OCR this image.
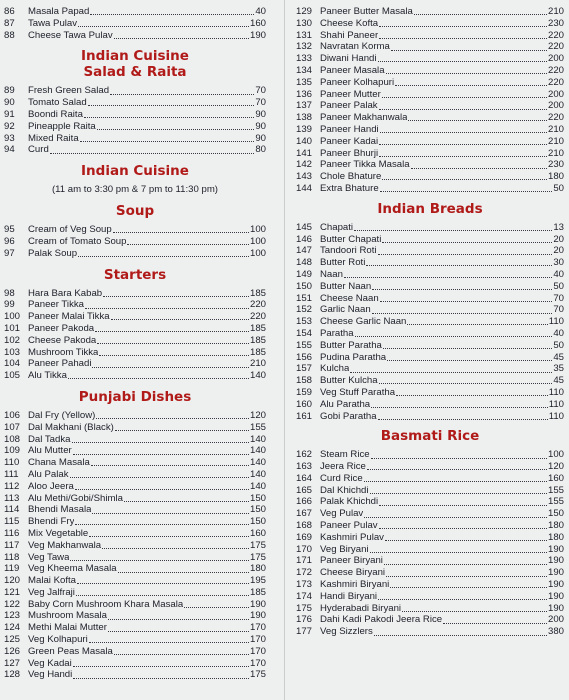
86	Masala Papad	40
87	Tawa Pulav	160
88	Cheese Tawa Pulav	190
Indian Cuisine
Salad & Raita
89	Fresh Green Salad	70
90	Tomato Salad	70
91	Boondi Raita	90
92	Pineapple Raita	90
93	Mixed Raita	90
94	Curd	80
Indian Cuisine
(11 am to 3:30 pm & 7 pm to 11:30 pm)
Soup
95	Cream of Veg Soup	100
96	Cream of Tomato Soup	100
97	Palak Soup	100
Starters
98	Hara Bara Kabab	185
99	Paneer Tikka	220
100 Paneer Malai Tikka	220
101 Paneer Pakoda	185
102 Cheese Pakoda	185
103 Mushroom Tikka	185
104 Paneer Pahadi	210
105 Alu Tikka	140
Punjabi Dishes
106 Dal Fry (Yellow)	120
107 Dal Makhani (Black)	155
108 Dal Tadka	140
109 Alu Mutter	140
110 Chana Masala	140
111 Alu Palak	140
112 Aloo Jeera	140
113 Alu Methi/Gobi/Shimla	150
114 Bhendi Masala	150
115 Bhendi Fry	150
116 Mix Vegetable	160
117 Veg Makhanwala	175
118 Veg Tawa	175
119 Veg Kheema Masala	180
120 Malai Kofta	195
121 Veg Jalfraji	185
122 Baby Corn Mushroom Khara Masala	190
123 Mushroom Masala	190
124 Methi Malai Mutter	170
125 Veg Kolhapuri	170
126 Green Peas Masala	170
127 Veg Kadai	170
128 Veg Handi	175
129 Paneer Butter Masala	210
130 Cheese Kofta	230
131 Shahi Paneer	220
132 Navratan Korma	220
133 Diwani Handi	200
134 Paneer Masala	220
135 Paneer Kolhapuri	220
136 Paneer Mutter	200
137 Paneer Palak	200
138 Paneer Makhanwala	220
139 Paneer Handi	210
140 Paneer Kadai	210
141 Paneer Bhurji	210
142 Paneer Tikka Masala	230
143 Chole Bhature	180
144 Extra Bhature	50
Indian Breads
145 Chapati	13
146 Butter Chapati	20
147 Tandoori Roti	20
148 Butter Roti	30
149 Naan	40
150 Butter Naan	50
151 Cheese Naan	70
152 Garlic Naan	70
153 Cheese Garlic Naan	110
154 Paratha	40
155 Butter Paratha	50
156 Pudina Paratha	45
157 Kulcha	35
158 Butter Kulcha	45
159 Veg Stuff Paratha	110
160 Alu Paratha	110
161 Gobi Paratha	110
Basmati Rice
162 Steam Rice	100
163 Jeera Rice	120
164 Curd Rice	160
165 Dal Khichdi	155
166 Palak Khichdi	155
167 Veg Pulav	150
168 Paneer Pulav	180
169 Kashmiri Pulav	180
170 Veg Biryani	190
171 Paneer Biryani	190
172 Cheese Biryani	190
173 Kashmiri Biryani	190
174 Handi Biryani	190
175 Hyderabadi Biryani	190
176 Dahi Kadi Pakodi Jeera Rice	200
177 Veg Sizzlers	380
